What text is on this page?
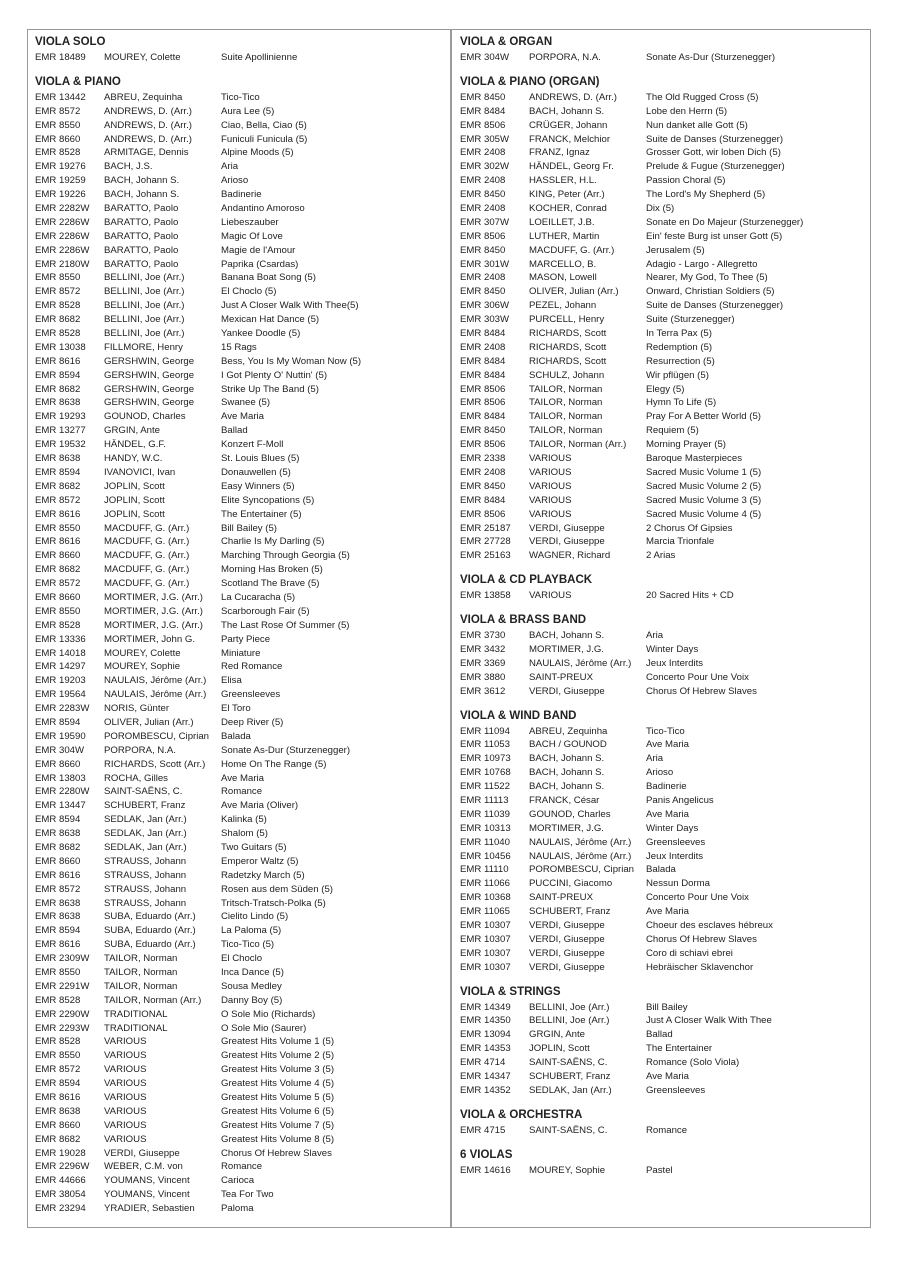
VIOLA SOLO
EMR 18489	MOUREY, Colette	Suite Apollinienne
VIOLA & PIANO
EMR 13442	ABREU, Zequinha	Tico-Tico
EMR 8572	ANDREWS, D. (Arr.)	Aura Lee (5)
EMR 8550	ANDREWS, D. (Arr.)	Ciao, Bella, Ciao (5)
EMR 8660	ANDREWS, D. (Arr.)	Funiculi Funicula (5)
EMR 8528	ARMITAGE, Dennis	Alpine Moods (5)
EMR 19276	BACH, J.S.	Aria
EMR 19259	BACH, Johann S.	Arioso
EMR 19226	BACH, Johann S.	Badinerie
EMR 2282W	BARATTO, Paolo	Andantino Amoroso
EMR 2286W	BARATTO, Paolo	Liebeszauber
EMR 2286W	BARATTO, Paolo	Magic Of Love
EMR 2286W	BARATTO, Paolo	Magie de l'Amour
EMR 2180W	BARATTO, Paolo	Paprika (Csardas)
EMR 8550	BELLINI, Joe (Arr.)	Banana Boat Song (5)
EMR 8572	BELLINI, Joe (Arr.)	El Choclo (5)
EMR 8528	BELLINI, Joe (Arr.)	Just A Closer Walk With Thee(5)
EMR 8682	BELLINI, Joe (Arr.)	Mexican Hat Dance (5)
EMR 8528	BELLINI, Joe (Arr.)	Yankee Doodle (5)
EMR 13038	FILLMORE, Henry	15 Rags
EMR 8616	GERSHWIN, George	Bess, You Is My Woman Now (5)
EMR 8594	GERSHWIN, George	I Got Plenty O' Nuttin' (5)
EMR 8682	GERSHWIN, George	Strike Up The Band (5)
EMR 8638	GERSHWIN, George	Swanee (5)
EMR 19293	GOUNOD, Charles	Ave Maria
EMR 13277	GRGIN, Ante	Ballad
EMR 19532	HÄNDEL, G.F.	Konzert F-Moll
EMR 8638	HANDY, W.C.	St. Louis Blues (5)
EMR 8594	IVANOVICI, Ivan	Donauwellen (5)
EMR 8682	JOPLIN, Scott	Easy Winners (5)
EMR 8572	JOPLIN, Scott	Elite Syncopations (5)
EMR 8616	JOPLIN, Scott	The Entertainer (5)
EMR 8550	MACDUFF, G. (Arr.)	Bill Bailey (5)
EMR 8616	MACDUFF, G. (Arr.)	Charlie Is My Darling (5)
EMR 8660	MACDUFF, G. (Arr.)	Marching Through Georgia (5)
EMR 8682	MACDUFF, G. (Arr.)	Morning Has Broken (5)
EMR 8572	MACDUFF, G. (Arr.)	Scotland The Brave (5)
EMR 8660	MORTIMER, J.G. (Arr.)	La Cucaracha (5)
EMR 8550	MORTIMER, J.G. (Arr.)	Scarborough Fair (5)
EMR 8528	MORTIMER, J.G. (Arr.)	The Last Rose Of Summer (5)
EMR 13336	MORTIMER, John G.	Party Piece
EMR 14018	MOUREY, Colette	Miniature
EMR 14297	MOUREY, Sophie	Red Romance
EMR 19203	NAULAIS, Jérôme (Arr.)	Elisa
EMR 19564	NAULAIS, Jérôme (Arr.)	Greensleeves
EMR 2283W	NORIS, Günter	El Toro
EMR 8594	OLIVER, Julian (Arr.)	Deep River (5)
EMR 19590	POROMBESCU, Ciprian	Balada
EMR 304W	PORPORA, N.A.	Sonate As-Dur (Sturzenegger)
EMR 8660	RICHARDS, Scott (Arr.)	Home On The Range (5)
EMR 13803	ROCHA, Gilles	Ave Maria
EMR 2280W	SAINT-SAËNS, C.	Romance
EMR 13447	SCHUBERT, Franz	Ave Maria (Oliver)
EMR 8594	SEDLAK, Jan (Arr.)	Kalinka (5)
EMR 8638	SEDLAK, Jan (Arr.)	Shalom (5)
EMR 8682	SEDLAK, Jan (Arr.)	Two Guitars (5)
EMR 8660	STRAUSS, Johann	Emperor Waltz (5)
EMR 8616	STRAUSS, Johann	Radetzky March (5)
EMR 8572	STRAUSS, Johann	Rosen aus dem Süden (5)
EMR 8638	STRAUSS, Johann	Tritsch-Tratsch-Polka (5)
EMR 8638	SUBA, Eduardo (Arr.)	Cielito Lindo (5)
EMR 8594	SUBA, Eduardo (Arr.)	La Paloma (5)
EMR 8616	SUBA, Eduardo (Arr.)	Tico-Tico (5)
EMR 2309W	TAILOR, Norman	El Choclo
EMR 8550	TAILOR, Norman	Inca Dance (5)
EMR 2291W	TAILOR, Norman	Sousa Medley
EMR 8528	TAILOR, Norman (Arr.)	Danny Boy (5)
EMR 2290W	TRADITIONAL	O Sole Mio (Richards)
EMR 2293W	TRADITIONAL	O Sole Mio (Saurer)
EMR 8528	VARIOUS	Greatest Hits Volume 1 (5)
EMR 8550	VARIOUS	Greatest Hits Volume 2 (5)
EMR 8572	VARIOUS	Greatest Hits Volume 3 (5)
EMR 8594	VARIOUS	Greatest Hits Volume 4 (5)
EMR 8616	VARIOUS	Greatest Hits Volume 5 (5)
EMR 8638	VARIOUS	Greatest Hits Volume 6 (5)
EMR 8660	VARIOUS	Greatest Hits Volume 7 (5)
EMR 8682	VARIOUS	Greatest Hits Volume 8 (5)
EMR 19028	VERDI, Giuseppe	Chorus Of Hebrew Slaves
EMR 2296W	WEBER, C.M. von	Romance
EMR 44666	YOUMANS, Vincent	Carioca
EMR 38054	YOUMANS, Vincent	Tea For Two
EMR 23294	YRADIER, Sebastien	Paloma
VIOLA & ORGAN
EMR 304W	PORPORA, N.A.	Sonate As-Dur (Sturzenegger)
VIOLA & PIANO (ORGAN)
EMR 8450	ANDREWS, D. (Arr.)	The Old Rugged Cross (5)
EMR 8484	BACH, Johann S.	Lobe den Herrn (5)
EMR 8506	CRÜGER, Johann	Nun danket alle Gott (5)
EMR 305W	FRANCK, Melchior	Suite de Danses (Sturzenegger)
EMR 2408	FRANZ, Ignaz	Grosser Gott, wir loben Dich (5)
EMR 302W	HÄNDEL, Georg Fr.	Prelude & Fugue (Sturzenegger)
EMR 2408	HASSLER, H.L.	Passion Choral (5)
EMR 8450	KING, Peter (Arr.)	The Lord's My Shepherd (5)
EMR 2408	KOCHER, Conrad	Dix (5)
EMR 307W	LOEILLET, J.B.	Sonate en Do Majeur (Sturzenegger)
EMR 8506	LUTHER, Martin	Ein' feste Burg ist unser Gott (5)
EMR 8450	MACDUFF, G. (Arr.)	Jerusalem (5)
EMR 301W	MARCELLO, B.	Adagio - Largo - Allegretto
EMR 2408	MASON, Lowell	Nearer, My God, To Thee (5)
EMR 8450	OLIVER, Julian (Arr.)	Onward, Christian Soldiers (5)
EMR 306W	PEZEL, Johann	Suite de Danses (Sturzenegger)
EMR 303W	PURCELL, Henry	Suite (Sturzenegger)
EMR 8484	RICHARDS, Scott	In Terra Pax (5)
EMR 2408	RICHARDS, Scott	Redemption (5)
EMR 8484	RICHARDS, Scott	Resurrection (5)
EMR 8484	SCHULZ, Johann	Wir pflügen (5)
EMR 8506	TAILOR, Norman	Elegy (5)
EMR 8506	TAILOR, Norman	Hymn To Life (5)
EMR 8484	TAILOR, Norman	Pray For A Better World (5)
EMR 8450	TAILOR, Norman	Requiem (5)
EMR 8506	TAILOR, Norman (Arr.)	Morning Prayer (5)
EMR 2338	VARIOUS	Baroque Masterpieces
EMR 2408	VARIOUS	Sacred Music Volume 1 (5)
EMR 8450	VARIOUS	Sacred Music Volume 2 (5)
EMR 8484	VARIOUS	Sacred Music Volume 3 (5)
EMR 8506	VARIOUS	Sacred Music Volume 4 (5)
EMR 25187	VERDI, Giuseppe	2 Chorus Of Gipsies
EMR 27728	VERDI, Giuseppe	Marcia Trionfale
EMR 25163	WAGNER, Richard	2 Arias
VIOLA & CD PLAYBACK
EMR 13858	VARIOUS	20 Sacred Hits + CD
VIOLA & BRASS BAND
EMR 3730	BACH, Johann S.	Aria
EMR 3432	MORTIMER, J.G.	Winter Days
EMR 3369	NAULAIS, Jérôme (Arr.)	Jeux Interdits
EMR 3880	SAINT-PREUX	Concerto Pour Une Voix
EMR 3612	VERDI, Giuseppe	Chorus Of Hebrew Slaves
VIOLA & WIND BAND
EMR 11094	ABREU, Zequinha	Tico-Tico
EMR 11053	BACH / GOUNOD	Ave Maria
EMR 10973	BACH, Johann S.	Aria
EMR 10768	BACH, Johann S.	Arioso
EMR 11522	BACH, Johann S.	Badinerie
EMR 11113	FRANCK, César	Panis Angelicus
EMR 11039	GOUNOD, Charles	Ave Maria
EMR 10313	MORTIMER, J.G.	Winter Days
EMR 11040	NAULAIS, Jérôme (Arr.)	Greensleeves
EMR 10456	NAULAIS, Jérôme (Arr.)	Jeux Interdits
EMR 11110	POROMBESCU, Ciprian	Balada
EMR 11066	PUCCINI, Giacomo	Nessun Dorma
EMR 10368	SAINT-PREUX	Concerto Pour Une Voix
EMR 11065	SCHUBERT, Franz	Ave Maria
EMR 10307	VERDI, Giuseppe	Choeur des esclaves hébreux
EMR 10307	VERDI, Giuseppe	Chorus Of Hebrew Slaves
EMR 10307	VERDI, Giuseppe	Coro di schiavi ebrei
EMR 10307	VERDI, Giuseppe	Hebräischer Sklavenchor
VIOLA & STRINGS
EMR 14349	BELLINI, Joe (Arr.)	Bill Bailey
EMR 14350	BELLINI, Joe (Arr.)	Just A Closer Walk With Thee
EMR 13094	GRGIN, Ante	Ballad
EMR 14353	JOPLIN, Scott	The Entertainer
EMR 4714	SAINT-SAËNS, C.	Romance (Solo Viola)
EMR 14347	SCHUBERT, Franz	Ave Maria
EMR 14352	SEDLAK, Jan (Arr.)	Greensleeves
VIOLA & ORCHESTRA
EMR 4715	SAINT-SAËNS, C.	Romance
6 VIOLAS
EMR 14616	MOUREY, Sophie	Pastel
